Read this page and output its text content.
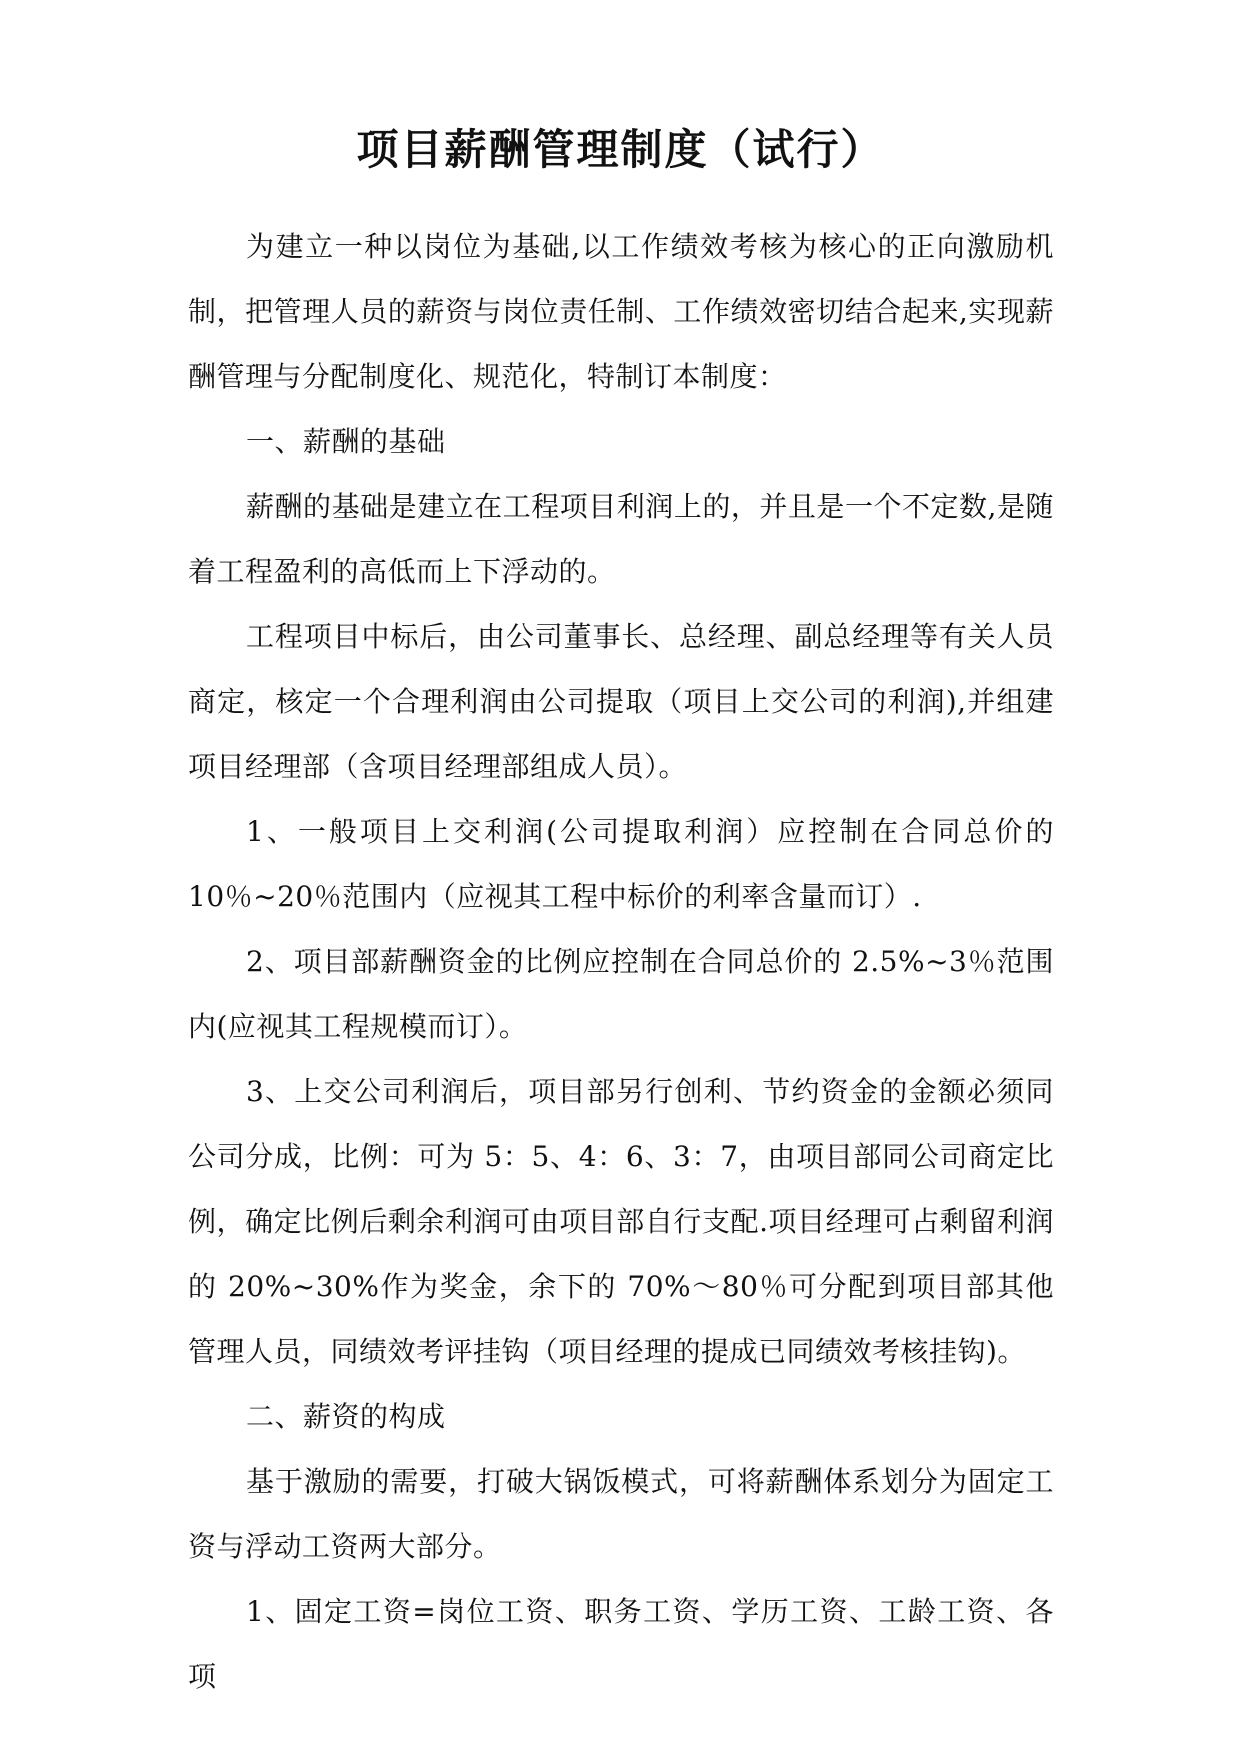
项目薪酬管理制度（试行）

为建立一种以岗位为基础,以工作绩效考核为核心的正向激励机制，把管理人员的薪资与岗位责任制、工作绩效密切结合起来,实现薪酬管理与分配制度化、规范化，特制订本制度：

一、薪酬的基础

薪酬的基础是建立在工程项目利润上的，并且是一个不定数,是随着工程盈利的高低而上下浮动的。

工程项目中标后，由公司董事长、总经理、副总经理等有关人员商定，核定一个合理利润由公司提取（项目上交公司的利润),并组建项目经理部（含项目经理部组成人员）。

1、一般项目上交利润(公司提取利润）应控制在合同总价的 10％~20％范围内（应视其工程中标价的利率含量而订）.

2、项目部薪酬资金的比例应控制在合同总价的 2.5%~3％范围内(应视其工程规模而订）。

3、上交公司利润后，项目部另行创利、节约资金的金额必须同公司分成，比例：可为 5：5、4：6、3：7，由项目部同公司商定比例，确定比例后剩余利润可由项目部自行支配.项目经理可占剩留利润的 20%~30%作为奖金，余下的 70%～80％可分配到项目部其他管理人员，同绩效考评挂钩（项目经理的提成已同绩效考核挂钩)。

二、薪资的构成

基于激励的需要，打破大锅饭模式，可将薪酬体系划分为固定工资与浮动工资两大部分。

1、固定工资=岗位工资、职务工资、学历工资、工龄工资、各项
